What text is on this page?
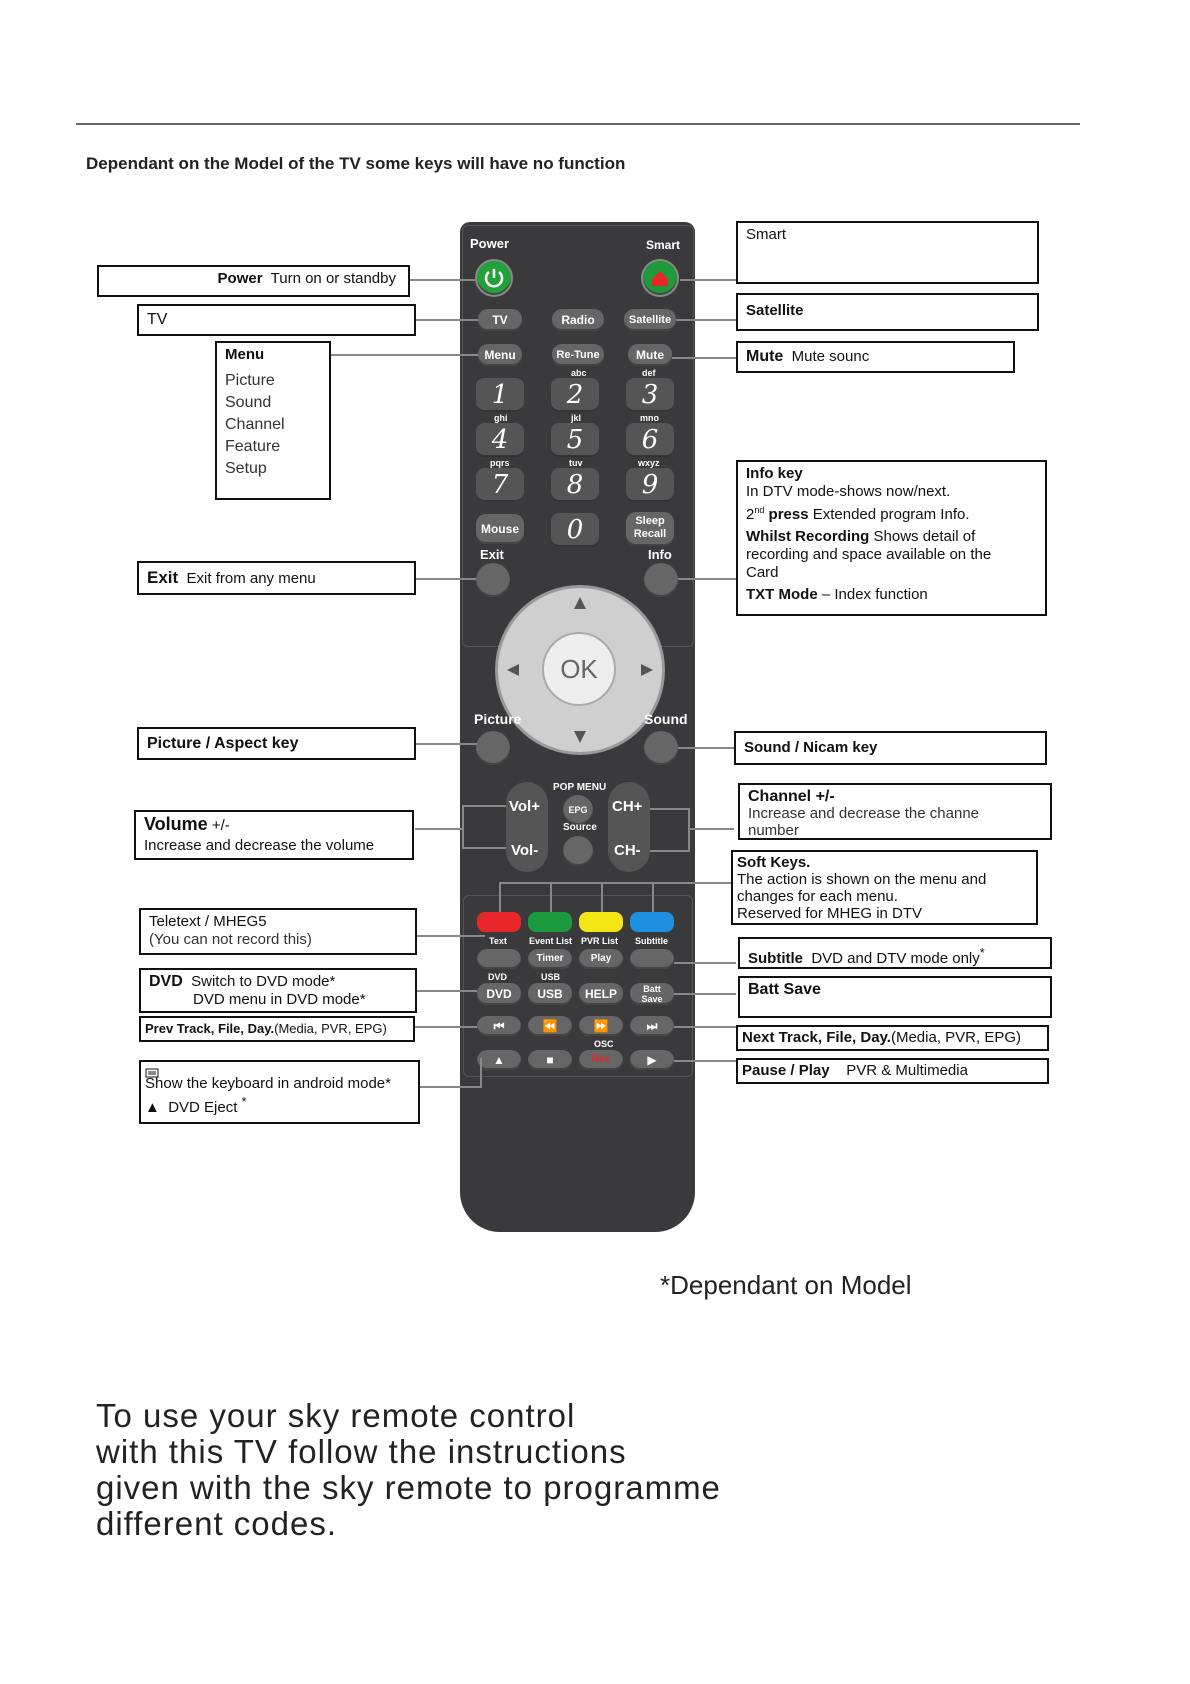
Dependant on the Model of the TV some keys will have no function
Power	Smart
TV	Radio	Satellite
Menu	Re-Tune	Mute
abc	def
1	2	3
ghi	jkl	mno
4	5	6
pqrs	tuv	wxyz
7	8	9
Mouse	0	Sleep
Recall
Exit	Info
OK
Picture	Sound
POP MENU
Vol+
Vol-
CH+
CH-
EPG
Source
Text Event List PVR List Subtitle
Timer	Play
DVD	USB
DVD	USB	HELP	Batt
Save
⏮	⏪	⏩	⏭
OSC
▲	■	Rec	▶
Power Turn on or standby
TV
Menu
Picture
Sound
Channel
Feature
Setup
Exit Exit from any menu
Picture / Aspect key
Volume +/-
Increase and decrease the volume
Teletext / MHEG5
(You can not record this)
DVD Switch to DVD mode*
DVD menu in DVD mode*
Prev Track, File, Day.(Media, PVR, EPG)
Show the keyboard in android mode*
▲ DVD Eject *
Smart
Satellite
Mute Mute sounc
Info key
In DTV mode-shows now/next.
2nd press Extended program Info.
Whilst Recording Shows detail of
recording and space available on the
Card
TXT Mode – Index function
Sound / Nicam key
Channel +/-
Increase and decrease the channe
number
Soft Keys.
The action is shown on the menu and
changes for each menu.
Reserved for MHEG in DTV
Subtitle DVD and DTV mode only*
Batt Save
Next Track, File, Day.(Media, PVR, EPG)
Pause / Play PVR & Multimedia
*Dependant on Model
To use your sky remote control
with this TV follow the instructions
given with the sky remote to programme
different codes.
